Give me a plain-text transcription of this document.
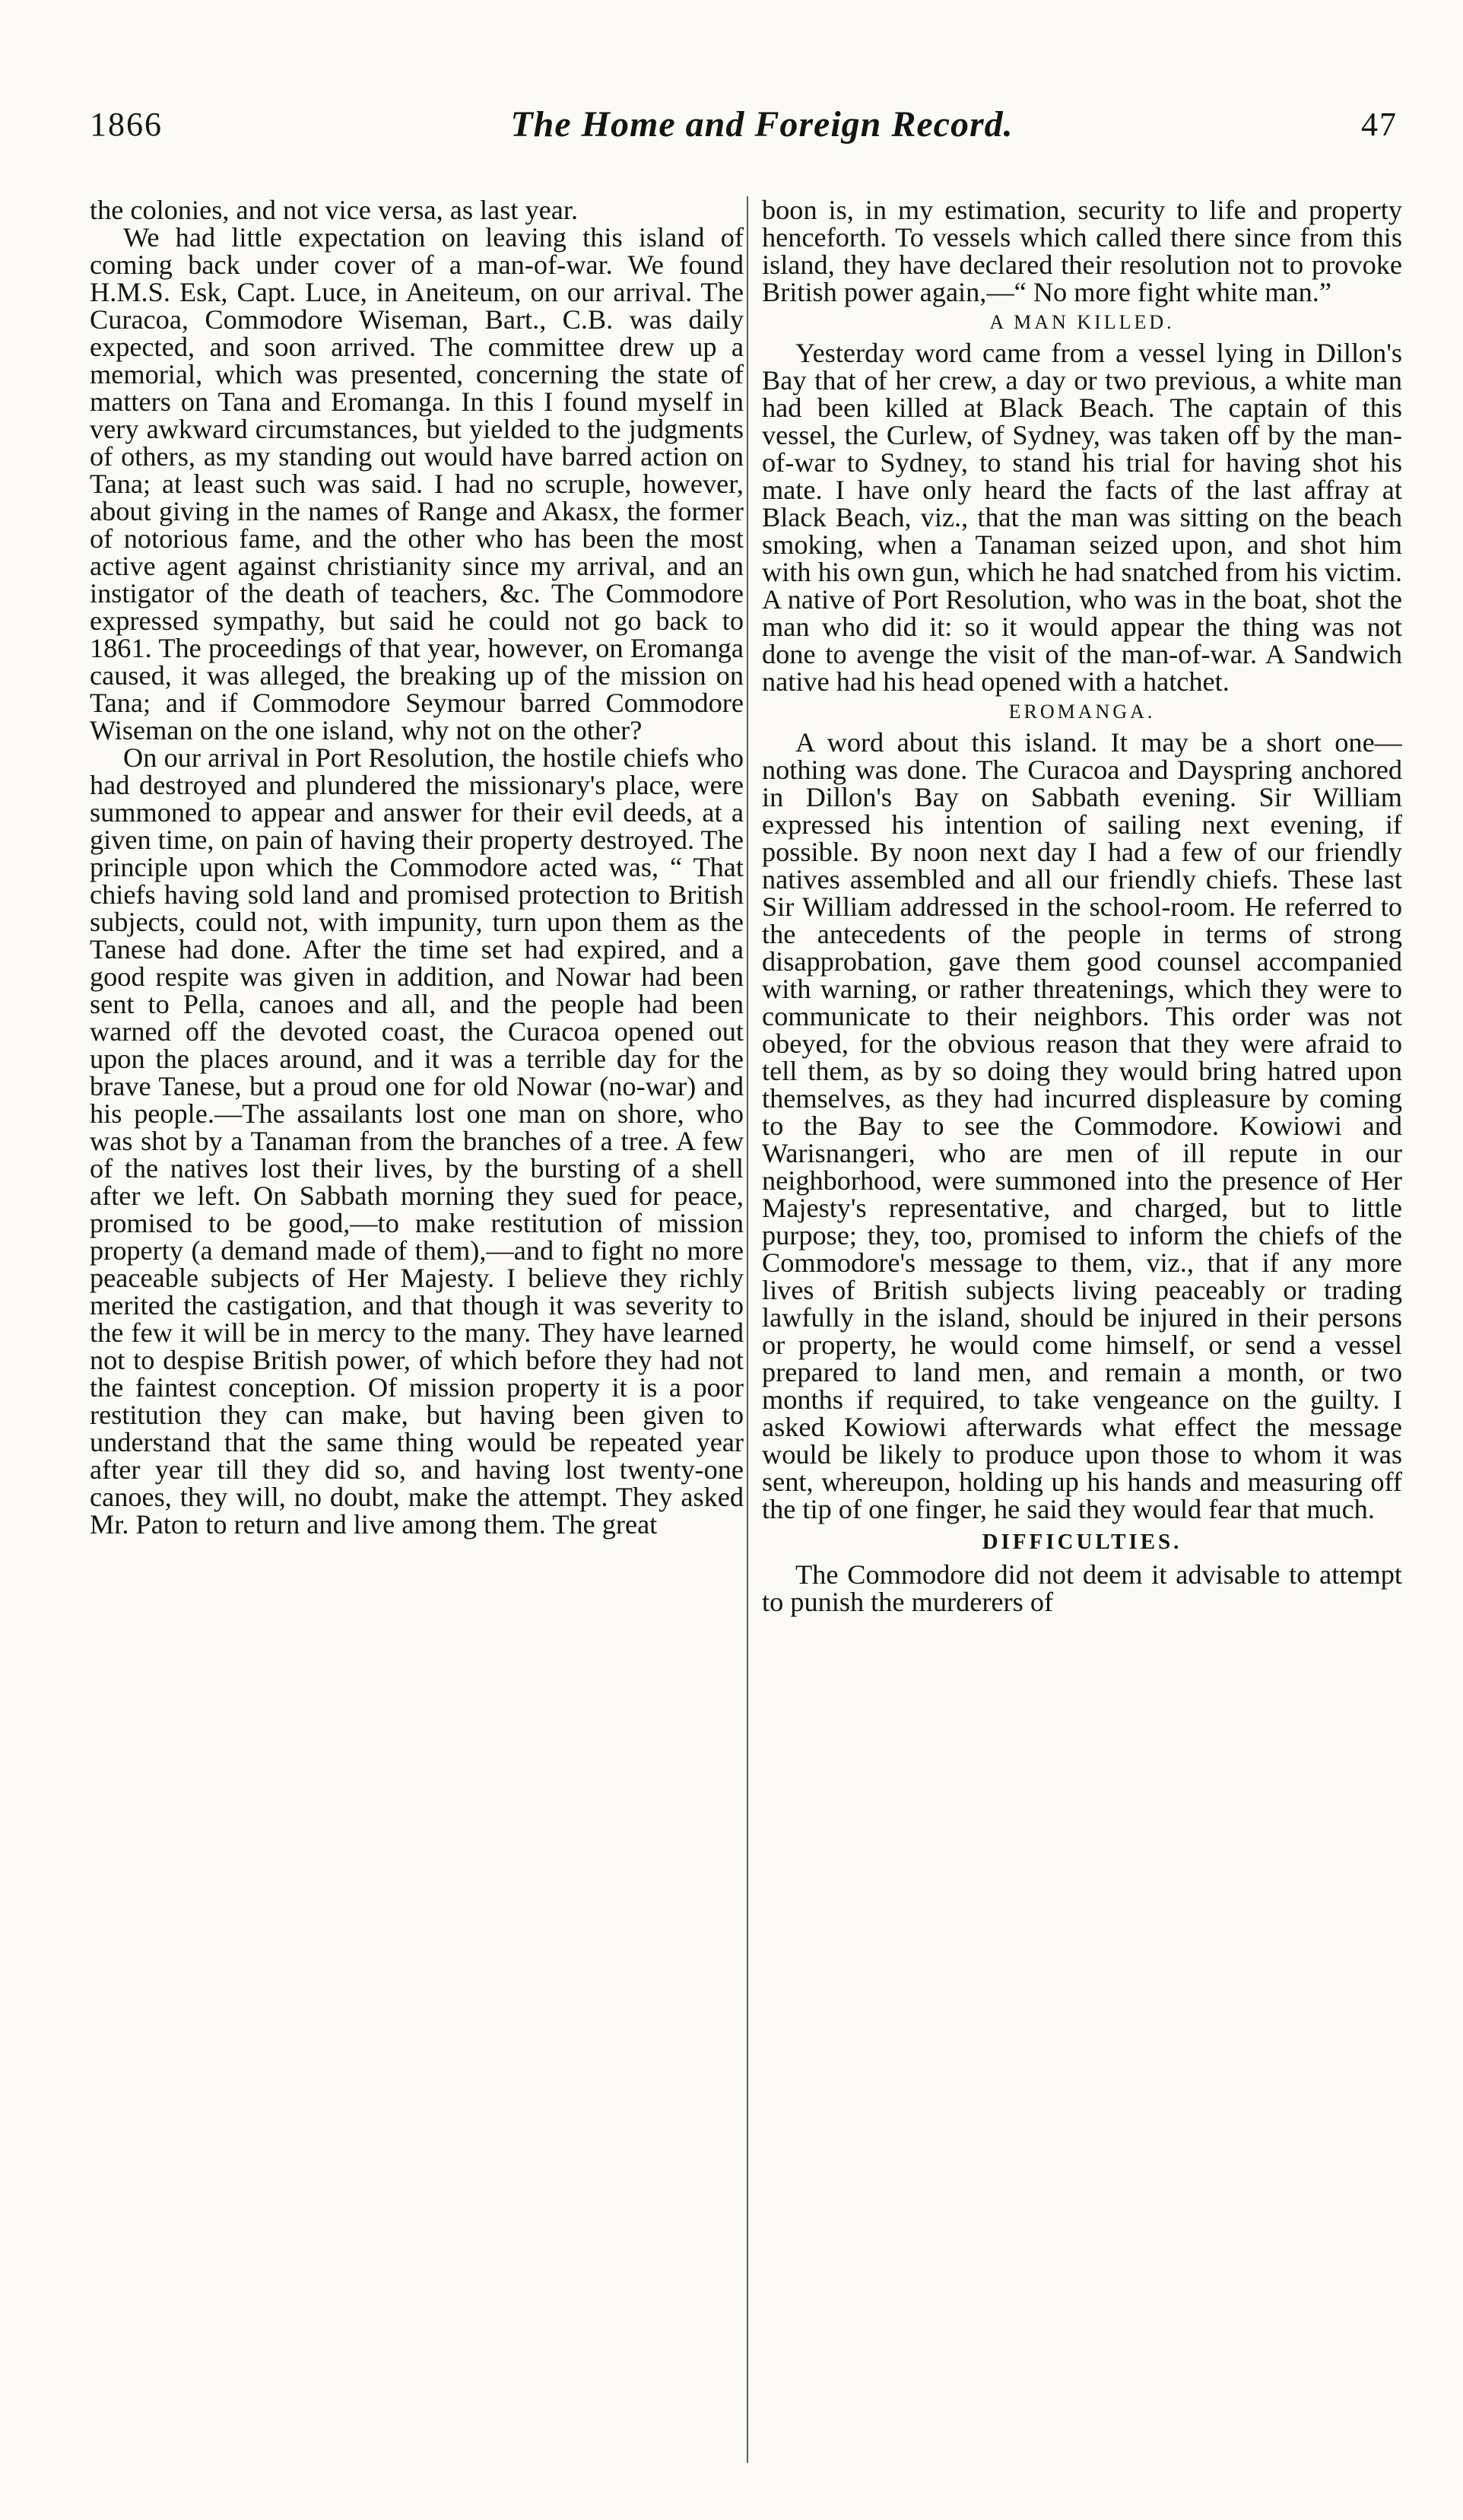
1866	The Home and Foreign Record.	47

the colonies, and not vice versa, as last year.

We had little expectation on leaving this island of coming back under cover of a man-of-war. We found H.M.S. Esk, Capt. Luce, in Aneiteum, on our arrival. The Curacoa, Commodore Wiseman, Bart., C.B. was daily expected, and soon arrived. The committee drew up a memorial, which was presented, concerning the state of matters on Tana and Eromanga. In this I found myself in very awkward circumstances, but yielded to the judgments of others, as my standing out would have barred action on Tana; at least such was said. I had no scruple, however, about giving in the names of Range and Akasx, the former of notorious fame, and the other who has been the most active agent against christianity since my arrival, and an instigator of the death of teachers, &c. The Commodore expressed sympathy, but said he could not go back to 1861. The proceedings of that year, however, on Eromanga caused, it was alleged, the breaking up of the mission on Tana; and if Commodore Seymour barred Commodore Wiseman on the one island, why not on the other?

On our arrival in Port Resolution, the hostile chiefs who had destroyed and plundered the missionary's place, were summoned to appear and answer for their evil deeds, at a given time, on pain of having their property destroyed. The principle upon which the Commodore acted was, “ That chiefs having sold land and promised protection to British subjects, could not, with impunity, turn upon them as the Tanese had done. After the time set had expired, and a good respite was given in addition, and Nowar had been sent to Pella, canoes and all, and the people had been warned off the devoted coast, the Curacoa opened out upon the places around, and it was a terrible day for the brave Tanese, but a proud one for old Nowar (no-war) and his people.—The assailants lost one man on shore, who was shot by a Tanaman from the branches of a tree. A few of the natives lost their lives, by the bursting of a shell after we left. On Sabbath morning they sued for peace, promised to be good,—to make restitution of mission property (a demand made of them),—and to fight no more peaceable subjects of Her Majesty. I believe they richly merited the castigation, and that though it was severity to the few it will be in mercy to the many. They have learned not to despise British power, of which before they had not the faintest conception. Of mission property it is a poor restitution they can make, but having been given to understand that the same thing would be repeated year after year till they did so, and having lost twenty-one canoes, they will, no doubt, make the attempt. They asked Mr. Paton to return and live among them. The great

boon is, in my estimation, security to life and property henceforth. To vessels which called there since from this island, they have declared their resolution not to provoke British power again,—“ No more fight white man.”

A MAN KILLED.

Yesterday word came from a vessel lying in Dillon's Bay that of her crew, a day or two previous, a white man had been killed at Black Beach. The captain of this vessel, the Curlew, of Sydney, was taken off by the man-of-war to Sydney, to stand his trial for having shot his mate. I have only heard the facts of the last affray at Black Beach, viz., that the man was sitting on the beach smoking, when a Tanaman seized upon, and shot him with his own gun, which he had snatched from his victim. A native of Port Resolution, who was in the boat, shot the man who did it: so it would appear the thing was not done to avenge the visit of the man-of-war. A Sandwich native had his head opened with a hatchet.

EROMANGA.

A word about this island. It may be a short one—nothing was done. The Curacoa and Dayspring anchored in Dillon's Bay on Sabbath evening. Sir William expressed his intention of sailing next evening, if possible. By noon next day I had a few of our friendly natives assembled and all our friendly chiefs. These last Sir William addressed in the school-room. He referred to the antecedents of the people in terms of strong disapprobation, gave them good counsel accompanied with warning, or rather threatenings, which they were to communicate to their neighbors. This order was not obeyed, for the obvious reason that they were afraid to tell them, as by so doing they would bring hatred upon themselves, as they had incurred displeasure by coming to the Bay to see the Commodore. Kowiowi and Warisnangeri, who are men of ill repute in our neighborhood, were summoned into the presence of Her Majesty's representative, and charged, but to little purpose; they, too, promised to inform the chiefs of the Commodore's message to them, viz., that if any more lives of British subjects living peaceably or trading lawfully in the island, should be injured in their persons or property, he would come himself, or send a vessel prepared to land men, and remain a month, or two months if required, to take vengeance on the guilty. I asked Kowiowi afterwards what effect the message would be likely to produce upon those to whom it was sent, whereupon, holding up his hands and measuring off the tip of one finger, he said they would fear that much.

DIFFICULTIES.

The Commodore did not deem it advisable to attempt to punish the murderers of
